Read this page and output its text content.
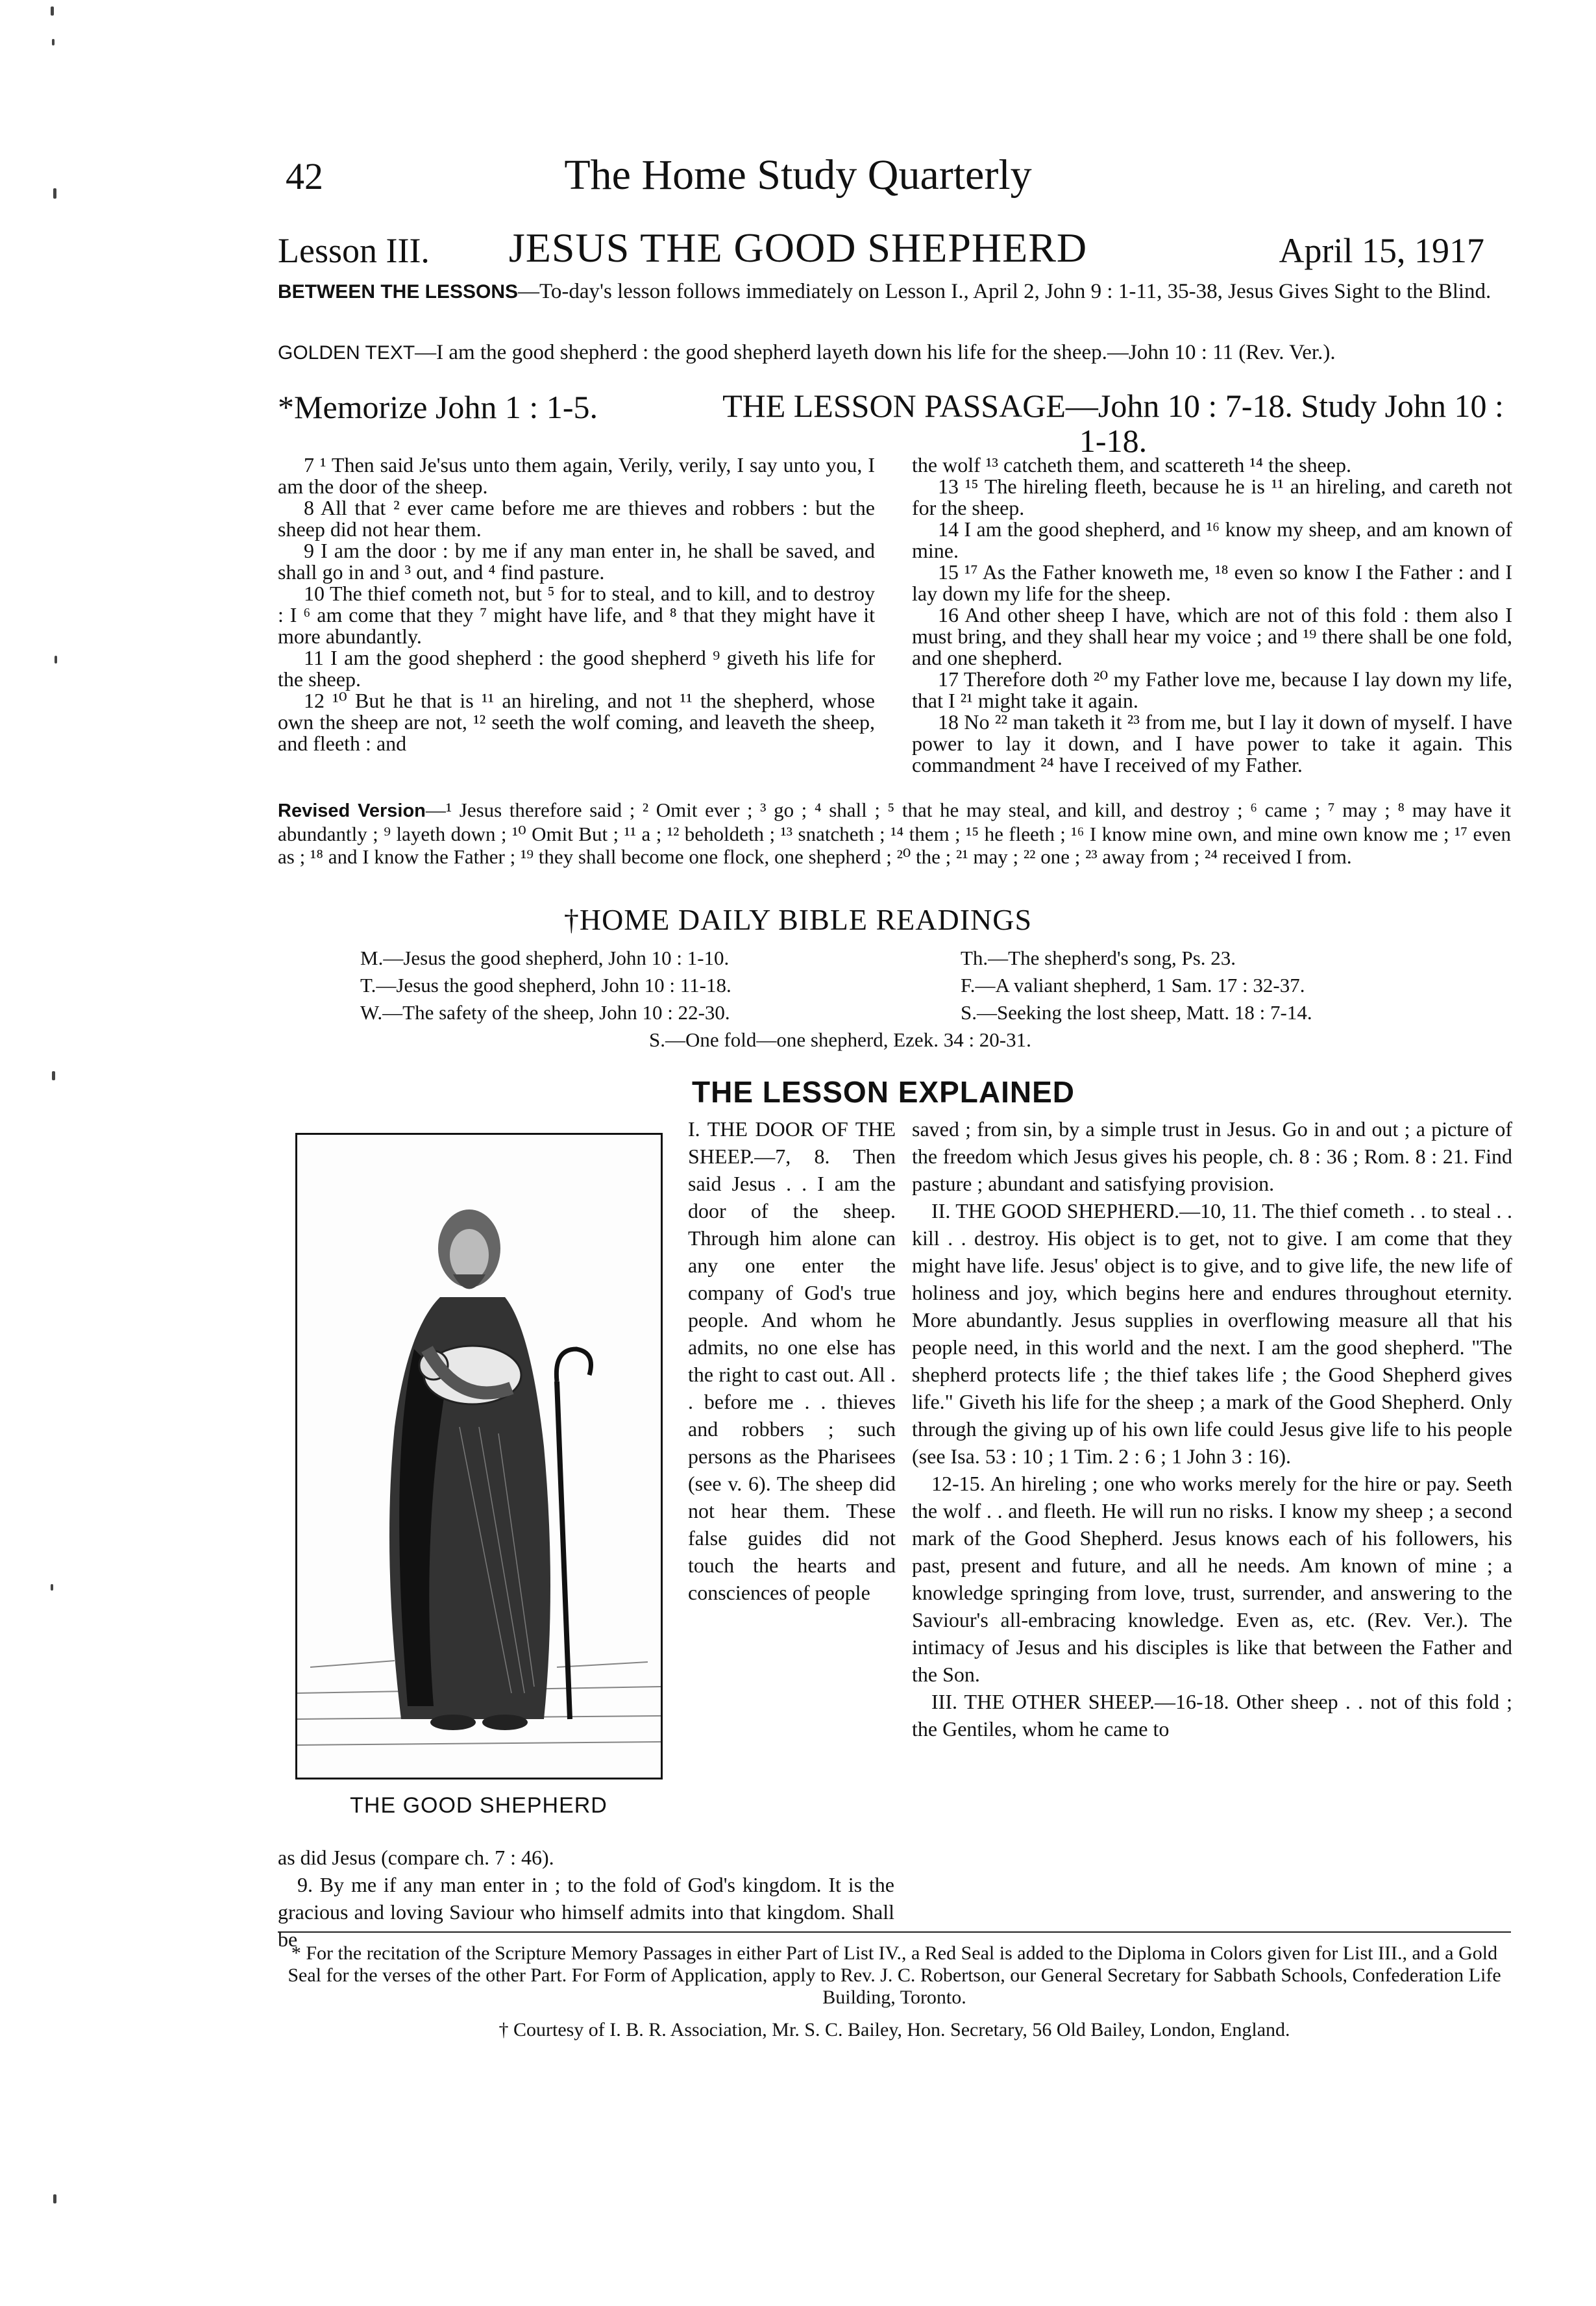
42	The Home Study Quarterly
Lesson III.	JESUS THE GOOD SHEPHERD	April 15, 1917
BETWEEN THE LESSONS—To-day's lesson follows immediately on Lesson I., April 2, John 9 : 1-11, 35-38, Jesus Gives Sight to the Blind.
GOLDEN TEXT—I am the good shepherd : the good shepherd layeth down his life for the sheep.—John 10 : 11 (Rev. Ver.).
*Memorize John 1 : 1-5.	THE LESSON PASSAGE—John 10 : 7-18. Study John 10 : 1-18.

7 ¹ Then said Je'sus unto them again, Verily, verily, I say unto you, I am the door of the sheep.

8 All that ² ever came before me are thieves and robbers : but the sheep did not hear them.

9 I am the door : by me if any man enter in, he shall be saved, and shall go in and ³ out, and ⁴ find pasture.

10 The thief cometh not, but ⁵ for to steal, and to kill, and to destroy : I ⁶ am come that they ⁷ might have life, and ⁸ that they might have it more abundantly.

11 I am the good shepherd : the good shepherd ⁹ giveth his life for the sheep.

12 ¹⁰ But he that is ¹¹ an hireling, and not ¹¹ the shepherd, whose own the sheep are not, ¹² seeth the wolf coming, and leaveth the sheep, and fleeth : and

the wolf ¹³ catcheth them, and scattereth ¹⁴ the sheep.

13 ¹⁵ The hireling fleeth, because he is ¹¹ an hireling, and careth not for the sheep.

14 I am the good shepherd, and ¹⁶ know my sheep, and am known of mine.

15 ¹⁷ As the Father knoweth me, ¹⁸ even so know I the Father : and I lay down my life for the sheep.

16 And other sheep I have, which are not of this fold : them also I must bring, and they shall hear my voice ; and ¹⁹ there shall be one fold, and one shepherd.

17 Therefore doth ²⁰ my Father love me, because I lay down my life, that I ²¹ might take it again.

18 No ²² man taketh it ²³ from me, but I lay it down of myself. I have power to lay it down, and I have power to take it again. This commandment ²⁴ have I received of my Father.

Revised Version—¹ Jesus therefore said ; ² Omit ever ; ³ go ; ⁴ shall ; ⁵ that he may steal, and kill, and destroy ; ⁶ came ; ⁷ may ; ⁸ may have it abundantly ; ⁹ layeth down ; ¹⁰ Omit But ; ¹¹ a ; ¹² beholdeth ; ¹³ snatcheth ; ¹⁴ them ; ¹⁵ he fleeth ; ¹⁶ I know mine own, and mine own know me ; ¹⁷ even as ; ¹⁸ and I know the Father ; ¹⁹ they shall become one flock, one shepherd ; ²⁰ the ; ²¹ may ; ²² one ; ²³ away from ; ²⁴ received I from.
†HOME DAILY BIBLE READINGS
M.—Jesus the good shepherd, John 10 : 1-10.	Th.—The shepherd's song, Ps. 23.
T.—Jesus the good shepherd, John 10 : 11-18.	F.—A valiant shepherd, 1 Sam. 17 : 32-37.
W.—The safety of the sheep, John 10 : 22-30.	S.—Seeking the lost sheep, Matt. 18 : 7-14.
S.—One fold—one shepherd, Ezek. 34 : 20-31.
THE LESSON EXPLAINED
THE GOOD SHEPHERD

I. THE DOOR OF THE SHEEP.—7, 8. Then said Jesus . . I am the door of the sheep. Through him alone can any one enter the company of God's true people. And whom he admits, no one else has the right to cast out. All . . before me . . thieves and robbers ; such persons as the Pharisees (see v. 6). The sheep did not hear them. These false guides did not touch the hearts and consciences of people

as did Jesus (compare ch. 7 : 46).

9. By me if any man enter in ; to the fold of God's kingdom. It is the gracious and loving Saviour who himself admits into that kingdom. Shall be

saved ; from sin, by a simple trust in Jesus. Go in and out ; a picture of the freedom which Jesus gives his people, ch. 8 : 36 ; Rom. 8 : 21. Find pasture ; abundant and satisfying provision.

II. THE GOOD SHEPHERD.—10, 11. The thief cometh . . to steal . . kill . . destroy. His object is to get, not to give. I am come that they might have life. Jesus' object is to give, and to give life, the new life of holiness and joy, which begins here and endures throughout eternity. More abundantly. Jesus supplies in overflowing measure all that his people need, in this world and the next. I am the good shepherd. "The shepherd protects life ; the thief takes life ; the Good Shepherd gives life." Giveth his life for the sheep ; a mark of the Good Shepherd. Only through the giving up of his own life could Jesus give life to his people (see Isa. 53 : 10 ; 1 Tim. 2 : 6 ; 1 John 3 : 16).

12-15. An hireling ; one who works merely for the hire or pay. Seeth the wolf . . and fleeth. He will run no risks. I know my sheep ; a second mark of the Good Shepherd. Jesus knows each of his followers, his past, present and future, and all he needs. Am known of mine ; a knowledge springing from love, trust, surrender, and answering to the Saviour's all-embracing knowledge. Even as, etc. (Rev. Ver.). The intimacy of Jesus and his disciples is like that between the Father and the Son.

III. THE OTHER SHEEP.—16-18. Other sheep . . not of this fold ; the Gentiles, whom he came to

* For the recitation of the Scripture Memory Passages in either Part of List IV., a Red Seal is added to the Diploma in Colors given for List III., and a Gold Seal for the verses of the other Part. For Form of Application, apply to Rev. J. C. Robertson, our General Secretary for Sabbath Schools, Confederation Life Building, Toronto.
† Courtesy of I. B. R. Association, Mr. S. C. Bailey, Hon. Secretary, 56 Old Bailey, London, England.
